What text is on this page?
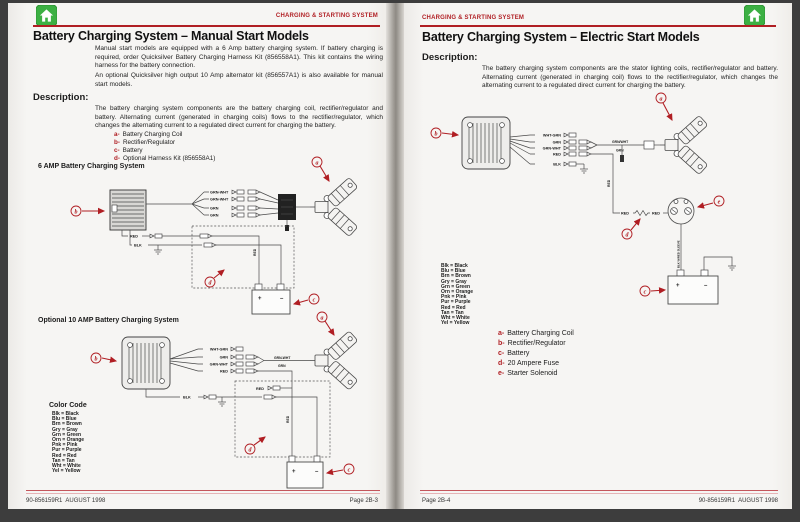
CHARGING & STARTING SYSTEM
Battery Charging System – Manual Start Models
Manual start models are equipped with a 6 Amp battery charging system. If battery charging is required, order Quicksilver Battery Charging Harness Kit (856558A1). This kit contains the wiring harness for the battery connection.
An optional Quicksilver high output 10 Amp alternator kit (856557A1) is also available for manual start models.
Description:
The battery charging system components are the battery charging coil, rectifier/regulator and battery. Alternating current (generated in charging coils) flows to the rectifier/regulator, which changes the alternating current to a regulated direct current for charging the battery.
a- Battery Charging Coil
b- Rectifier/Regulator
c- Battery
d- Optional Harness Kit (856558A1)
6 AMP Battery Charging System
b
GRN-WHT
GRN-WHT
GRN
GRN
a
RED
RED
BLK
d
+	–	c
Optional 10 AMP Battery Charging System
b
WHT-GRN
GRN
GRN-WHT
RED
GRN-WHT
GRN
a
RED
RED
BLK
d
+	–	c
Color Code
Blk = Black
Blu = Blue
Brn = Brown
Gry = Gray
Grn = Green
Orn = Orange
Pnk = Pink
Pur = Purple
Red = Red
Tan = Tan
Wht = White
Yel = Yellow
90-856159R1  AUGUST 1998	Page 2B-3
CHARGING & STARTING SYSTEM
Battery Charging System – Electric Start Models
Description:
The battery charging system components are the stator lighting coils, rectifier/regulator and battery. Alternating current (generated in charging coil) flows to the rectifier/regulator, which changes the alternating current to a regulated direct current for charging the battery.
b	WHT-GRN
GRN
GRN-WHT
RED
BLK
GRN/WHT
GRN
a
RED
RED	RED
e
d
BLK W/RED SLEEVE
+	–
c
Blk = Black
Blu = Blue
Brn = Brown
Gry = Gray
Grn = Green
Orn = Orange
Pnk = Pink
Pur = Purple
Red = Red
Tan = Tan
Wht = White
Yel = Yellow
a- Battery Charging Coil
b- Rectifier/Regulator
c- Battery
d- 20 Ampere Fuse
e- Starter Solenoid
Page 2B-4	90-856159R1  AUGUST 1998
